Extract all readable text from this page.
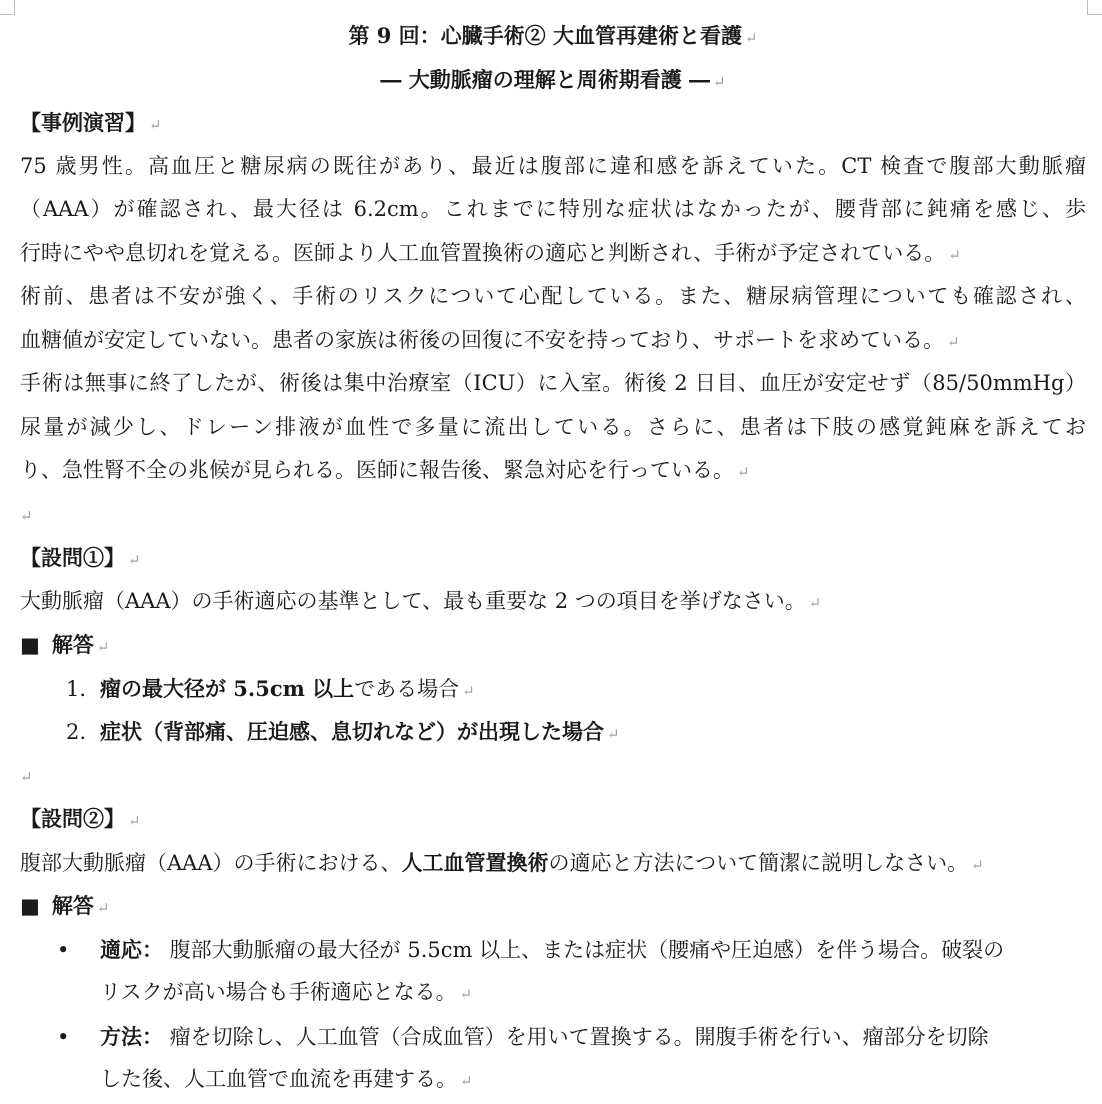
第 9 回：心臓手術② 大血管再建術と看護 ↵
― 大動脈瘤の理解と周術期看護 ― ↵
【事例演習】 ↵
75 歳男性。高血圧と糖尿病の既往があり、最近は腹部に違和感を訴えていた。CT 検査で腹部大動脈瘤
（AAA）が確認され、最大径は 6.2cm。これまでに特別な症状はなかったが、腰背部に鈍痛を感じ、歩
行時にやや息切れを覚える。医師より人工血管置換術の適応と判断され、手術が予定されている。 ↵
術前、患者は不安が強く、手術のリスクについて心配している。また、糖尿病管理についても確認され、
血糖値が安定していない。患者の家族は術後の回復に不安を持っており、サポートを求めている。 ↵
手術は無事に終了したが、術後は集中治療室（ICU）に入室。術後 2 日目、血圧が安定せず（85/50mmHg）
尿量が減少し、ドレーン排液が血性で多量に流出している。さらに、患者は下肢の感覚鈍麻を訴えてお
り、急性腎不全の兆候が見られる。医師に報告後、緊急対応を行っている。 ↵
↵
【設問①】 ↵
大動脈瘤（AAA）の手術適応の基準として、最も重要な 2 つの項目を挙げなさい。 ↵
■ 解答 ↵
1. 瘤の最大径が 5.5cm 以上である場合 ↵
2. 症状（背部痛、圧迫感、息切れなど）が出現した場合 ↵
↵
【設問②】 ↵
腹部大動脈瘤（AAA）の手術における、人工血管置換術の適応と方法について簡潔に説明しなさい。 ↵
■ 解答 ↵
• 適応： 腹部大動脈瘤の最大径が 5.5cm 以上、または症状（腰痛や圧迫感）を伴う場合。破裂の
リスクが高い場合も手術適応となる。 ↵
• 方法： 瘤を切除し、人工血管（合成血管）を用いて置換する。開腹手術を行い、瘤部分を切除
した後、人工血管で血流を再建する。 ↵
